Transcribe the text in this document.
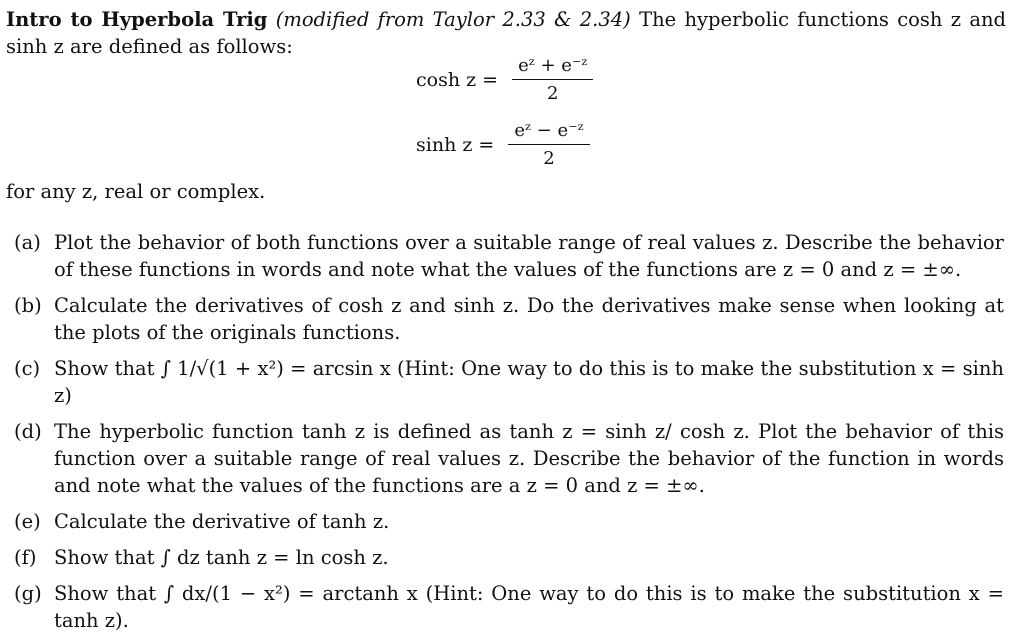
Intro to Hyperbola Trig (modified from Taylor 2.33 & 2.34) The hyperbolic functions cosh z and sinh z are defined as follows:
$\cosh z = \frac{\text{eᶻ + e⁻ᶻ}}{2}$
$\sinh z = \frac{\text{eᶻ − e⁻ᶻ}}{2}$
for any z, real or complex.
(a) Plot the behavior of both functions over a suitable range of real values z. Describe the behavior of these functions in words and note what the values of the functions are z = 0 and z = ±∞.
(b) Calculate the derivatives of cosh z and sinh z. Do the derivatives make sense when looking at the plots of the originals functions.
(c) Show that ∫ 1/√(1 + x²) = arcsin x (Hint: One way to do this is to make the substitution x = sinh z)
(d) The hyperbolic function tanh z is defined as tanh z = sinh z/ cosh z. Plot the behavior of this function over a suitable range of real values z. Describe the behavior of the function in words and note what the values of the functions are a z = 0 and z = ±∞.
(e) Calculate the derivative of tanh z.
(f) Show that ∫ dz tanh z = ln cosh z.
(g) Show that ∫ dx/(1 − x²) = arctanh x (Hint: One way to do this is to make the substitution x = tanh z).
